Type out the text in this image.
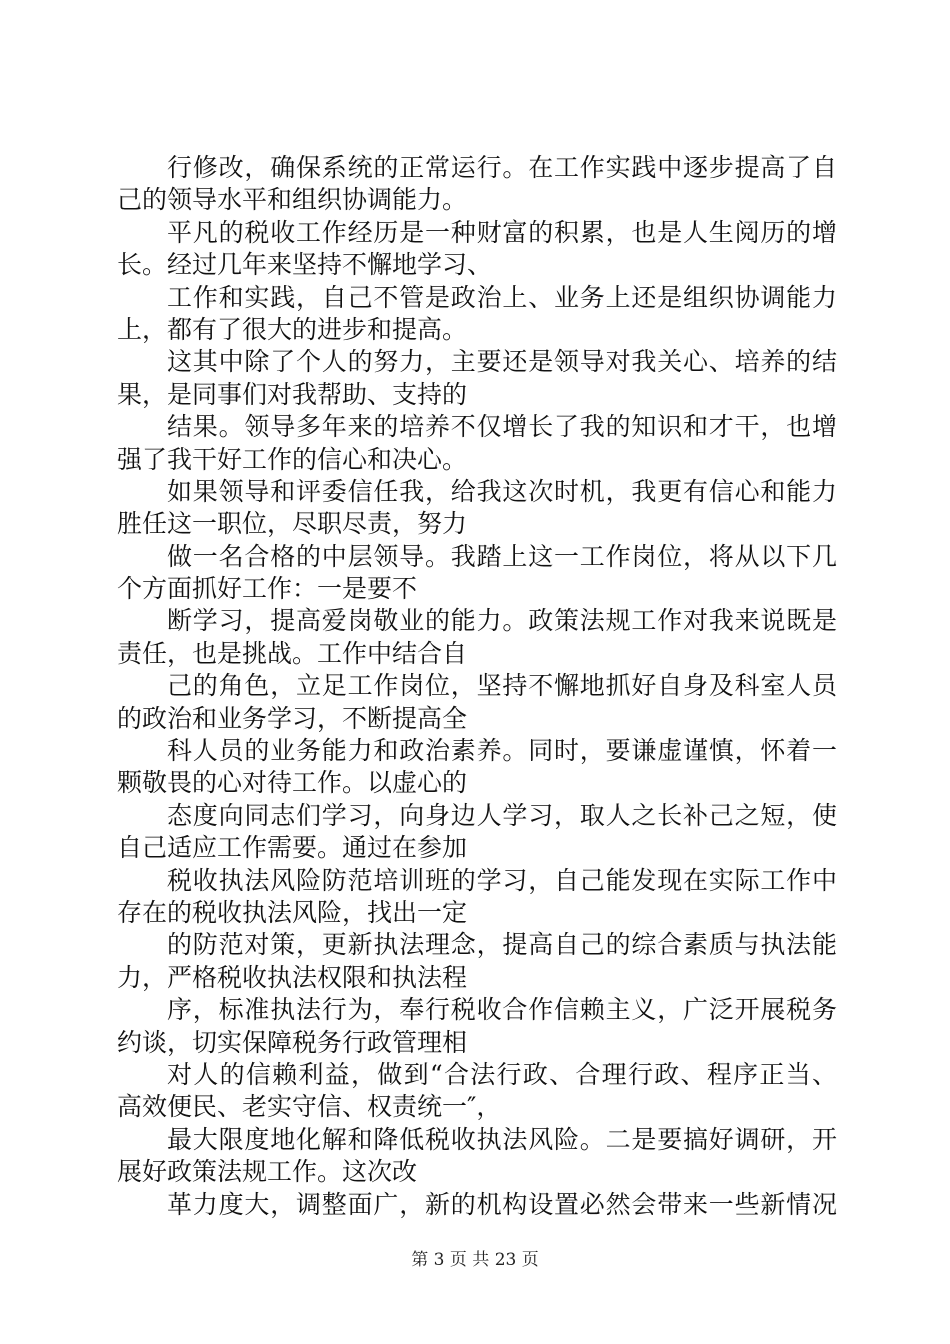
行修改，确保系统的正常运行。在工作实践中逐步提高了自
己的领导水平和组织协调能力。
平凡的税收工作经历是一种财富的积累，也是人生阅历的增
长。经过几年来坚持不懈地学习、
工作和实践，自己不管是政治上、业务上还是组织协调能力
上，都有了很大的进步和提高。
这其中除了个人的努力，主要还是领导对我关心、培养的结
果，是同事们对我帮助、支持的
结果。领导多年来的培养不仅增长了我的知识和才干，也增
强了我干好工作的信心和决心。
如果领导和评委信任我，给我这次时机，我更有信心和能力
胜任这一职位，尽职尽责，努力
做一名合格的中层领导。我踏上这一工作岗位，将从以下几
个方面抓好工作：一是要不
断学习，提高爱岗敬业的能力。政策法规工作对我来说既是
责任，也是挑战。工作中结合自
己的角色，立足工作岗位，坚持不懈地抓好自身及科室人员
的政治和业务学习，不断提高全
科人员的业务能力和政治素养。同时，要谦虚谨慎，怀着一
颗敬畏的心对待工作。以虚心的
态度向同志们学习，向身边人学习，取人之长补己之短，使
自己适应工作需要。通过在参加
税收执法风险防范培训班的学习，自己能发现在实际工作中
存在的税收执法风险，找出一定
的防范对策，更新执法理念，提高自己的综合素质与执法能
力，严格税收执法权限和执法程
序，标准执法行为，奉行税收合作信赖主义，广泛开展税务
约谈，切实保障税务行政管理相
对人的信赖利益，做到“合法行政、合理行政、程序正当、
高效便民、老实守信、权责统一″，
最大限度地化解和降低税收执法风险。二是要搞好调研，开
展好政策法规工作。这次改
革力度大，调整面广，新的机构设置必然会带来一些新情况
第 3 页 共 23 页
